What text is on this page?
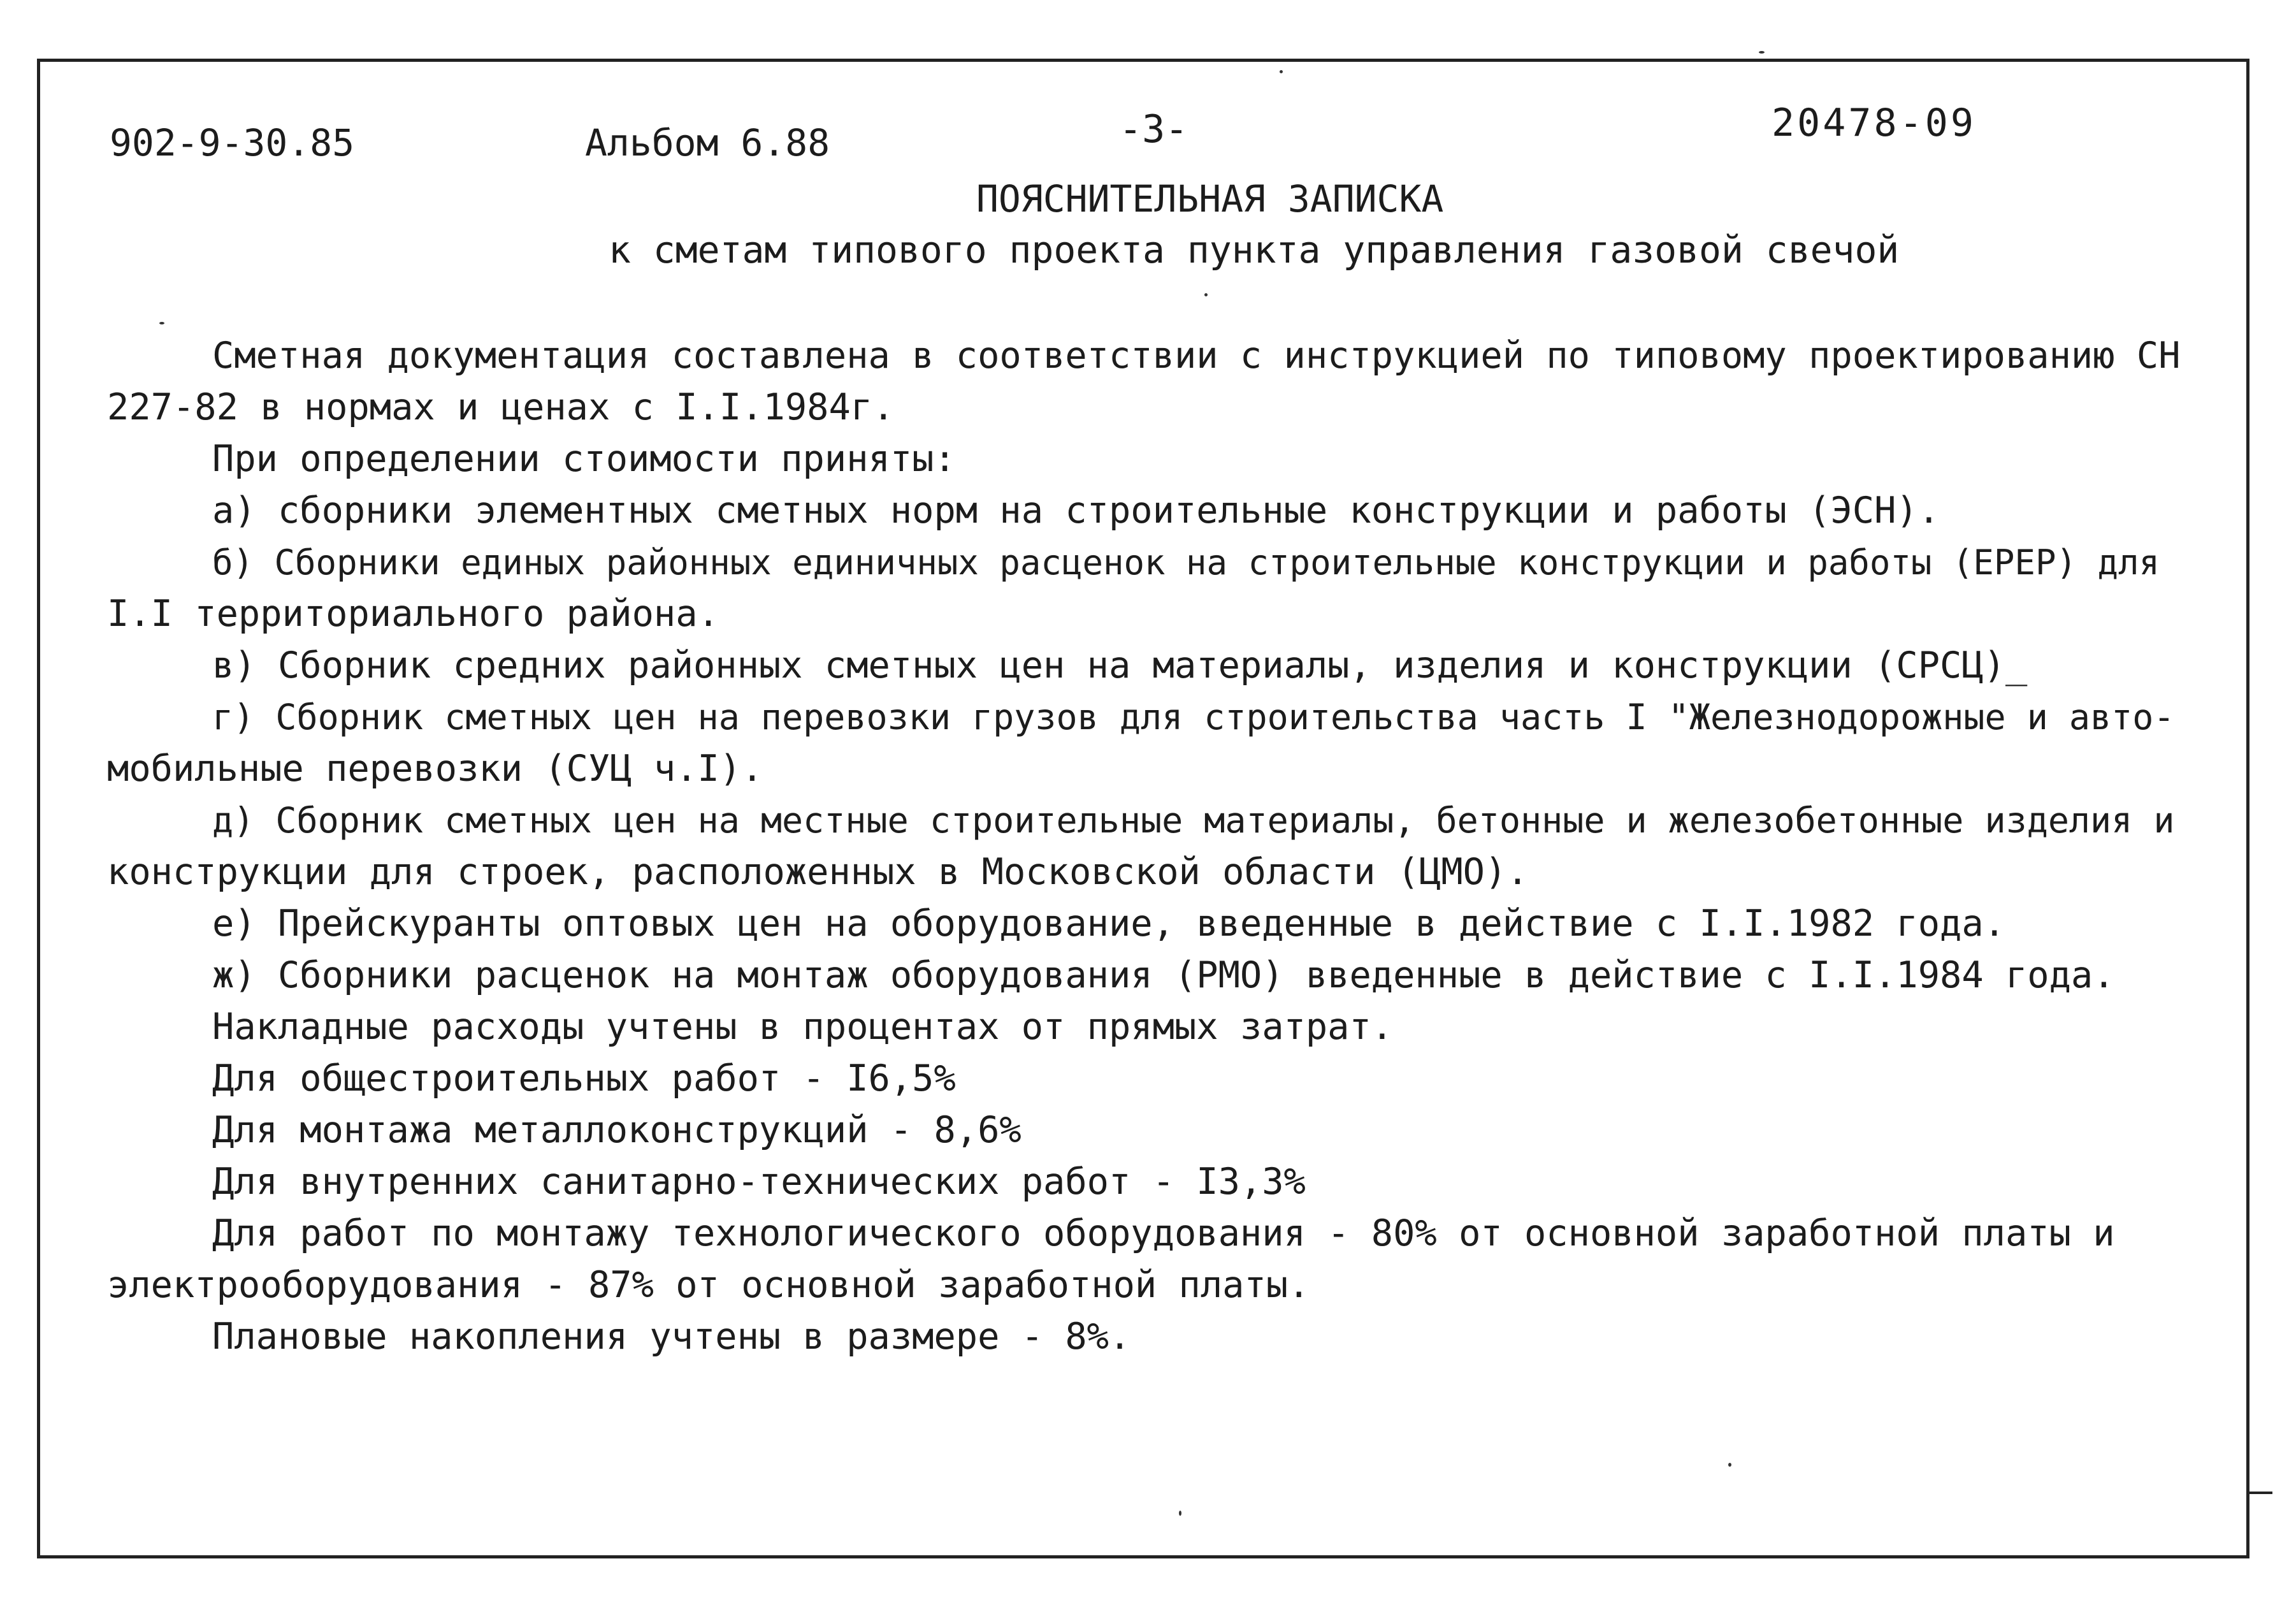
902-9-30.85	Альбом 6.88	-3-	20478-09
ПОЯСНИТЕЛЬНАЯ ЗАПИСКА
к сметам типового проекта пункта управления газовой свечой
Сметная документация составлена в соответствии с инструкцией по типовому проектированию СН
227-82 в нормах и ценах с I.I.1984г.
При определении стоимости приняты:
а) сборники элементных сметных норм на строительные конструкции и работы (ЭСН).
б) Сборники единых районных единичных расценок на строительные конструкции и работы (ЕРЕР) для
I.I территориального района.
в) Сборник средних районных сметных цен на материалы, изделия и конструкции (СРСЦ)_
г) Сборник сметных цен на перевозки грузов для строительства часть I "Железнодорожные и авто-
мобильные перевозки (СУЦ ч.I).
д) Сборник сметных цен на местные строительные материалы, бетонные и железобетонные изделия и
конструкции для строек, расположенных в Московской области (ЦМО).
е) Прейскуранты оптовых цен на оборудование, введенные в действие с I.I.1982 года.
ж) Сборники расценок на монтаж оборудования (РМО) введенные в действие с I.I.1984 года.
Накладные расходы учтены в процентах от прямых затрат.
Для общестроительных работ - I6,5%
Для монтажа металлоконструкций - 8,6%
Для внутренних санитарно-технических работ - I3,3%
Для работ по монтажу технологического оборудования - 80% от основной заработной платы и
электрооборудования - 87% от основной заработной платы.
Плановые накопления учтены в размере - 8%.
